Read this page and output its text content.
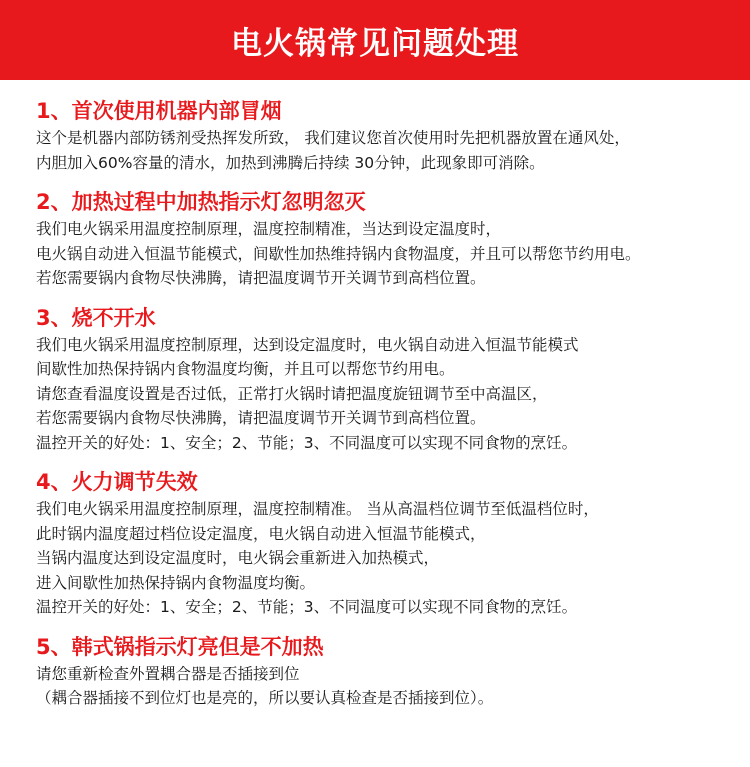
电火锅常见问题处理
1、首次使用机器内部冒烟
这个是机器内部防锈剂受热挥发所致， 我们建议您首次使用时先把机器放置在通风处，
内胆加入60%容量的清水，加热到沸腾后持续 30分钟，此现象即可消除。
2、加热过程中加热指示灯忽明忽灭
我们电火锅采用温度控制原理，温度控制精准，当达到设定温度时，
电火锅自动进入恒温节能模式，间歇性加热维持锅内食物温度，并且可以帮您节约用电。
若您需要锅内食物尽快沸腾，请把温度调节开关调节到高档位置。
3、烧不开水
我们电火锅采用温度控制原理，达到设定温度时，电火锅自动进入恒温节能模式
间歇性加热保持锅内食物温度均衡，并且可以帮您节约用电。
请您查看温度设置是否过低，正常打火锅时请把温度旋钮调节至中高温区，
若您需要锅内食物尽快沸腾，请把温度调节开关调节到高档位置。
温控开关的好处：1、安全；2、节能；3、不同温度可以实现不同食物的烹饪。
4、火力调节失效
我们电火锅采用温度控制原理，温度控制精准。 当从高温档位调节至低温档位时，
此时锅内温度超过档位设定温度，电火锅自动进入恒温节能模式，
当锅内温度达到设定温度时，电火锅会重新进入加热模式，
进入间歇性加热保持锅内食物温度均衡。
温控开关的好处：1、安全；2、节能；3、不同温度可以实现不同食物的烹饪。
5、韩式锅指示灯亮但是不加热
请您重新检查外置耦合器是否插接到位
（耦合器插接不到位灯也是亮的，所以要认真检查是否插接到位）。
